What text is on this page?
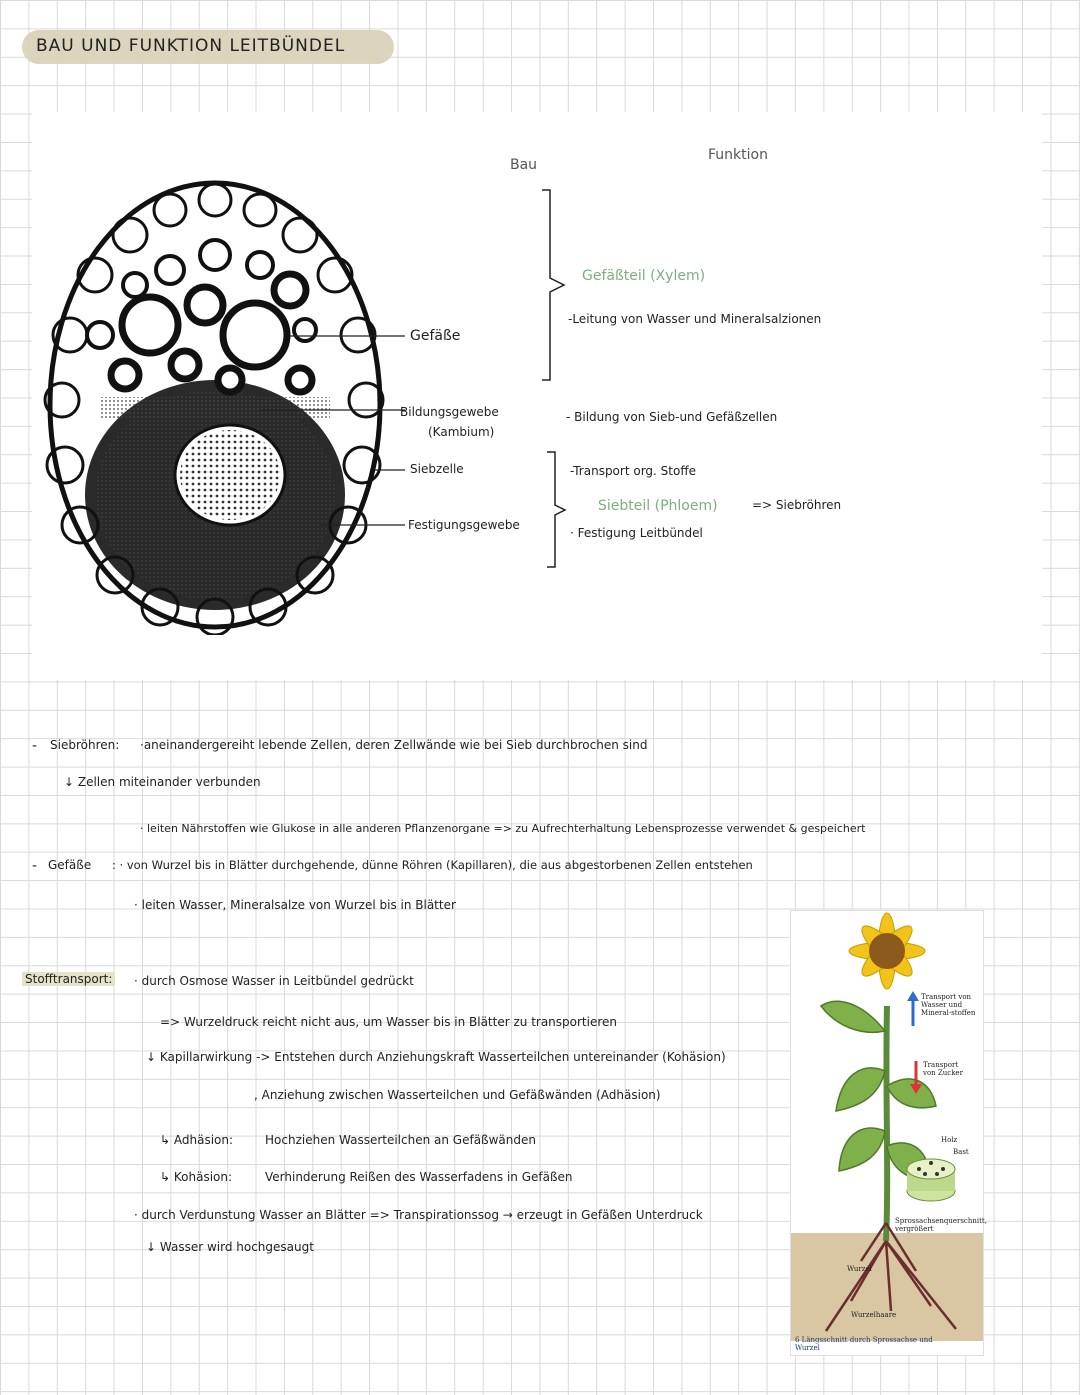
BAU UND FUNKTION LEITBÜNDEL
Gefäße
Bildungsgewebe
(Kambium)
Siebzelle
Festigungsgewebe
Bau
Funktion
Gefäßteil (Xylem)
-Leitung von Wasser und Mineralsalzionen
- Bildung von Sieb-und Gefäßzellen
-Transport org. Stoffe
Siebteil (Phloem)	=> Siebröhren
· Festigung Leitbündel
- Siebröhren: ·aneinandergereiht lebende Zellen, deren Zellwände wie bei Sieb durchbrochen sind
↓ Zellen miteinander verbunden
· leiten Nährstoffen wie Glukose in alle anderen Pflanzenorgane => zu Aufrechterhaltung Lebensprozesse verwendet & gespeichert
- Gefäße : · von Wurzel bis in Blätter durchgehende, dünne Röhren (Kapillaren), die aus abgestorbenen Zellen entstehen
· leiten Wasser, Mineralsalze von Wurzel bis in Blätter
Stofftransport: · durch Osmose Wasser in Leitbündel gedrückt
=> Wurzeldruck reicht nicht aus, um Wasser bis in Blätter zu transportieren
↓ Kapillarwirkung -> Entstehen durch Anziehungskraft Wasserteilchen untereinander (Kohäsion)
, Anziehung zwischen Wasserteilchen und Gefäßwänden (Adhäsion)
↳ Adhäsion:	Hochziehen Wasserteilchen an Gefäßwänden
↳ Kohäsion:	Verhinderung Reißen des Wasserfadens in Gefäßen
· durch Verdunstung Wasser an Blätter => Transpirationssog → erzeugt in Gefäßen Unterdruck
↓ Wasser wird hochgesaugt
Transport von Wasser und Mineral-stoffen
Transport von Zucker
Holz
Bast
Sprossachsenquerschnitt, vergrößert
Wurzel
Wurzelhaare
6 Längsschnitt durch Sprossachse und Wurzel
